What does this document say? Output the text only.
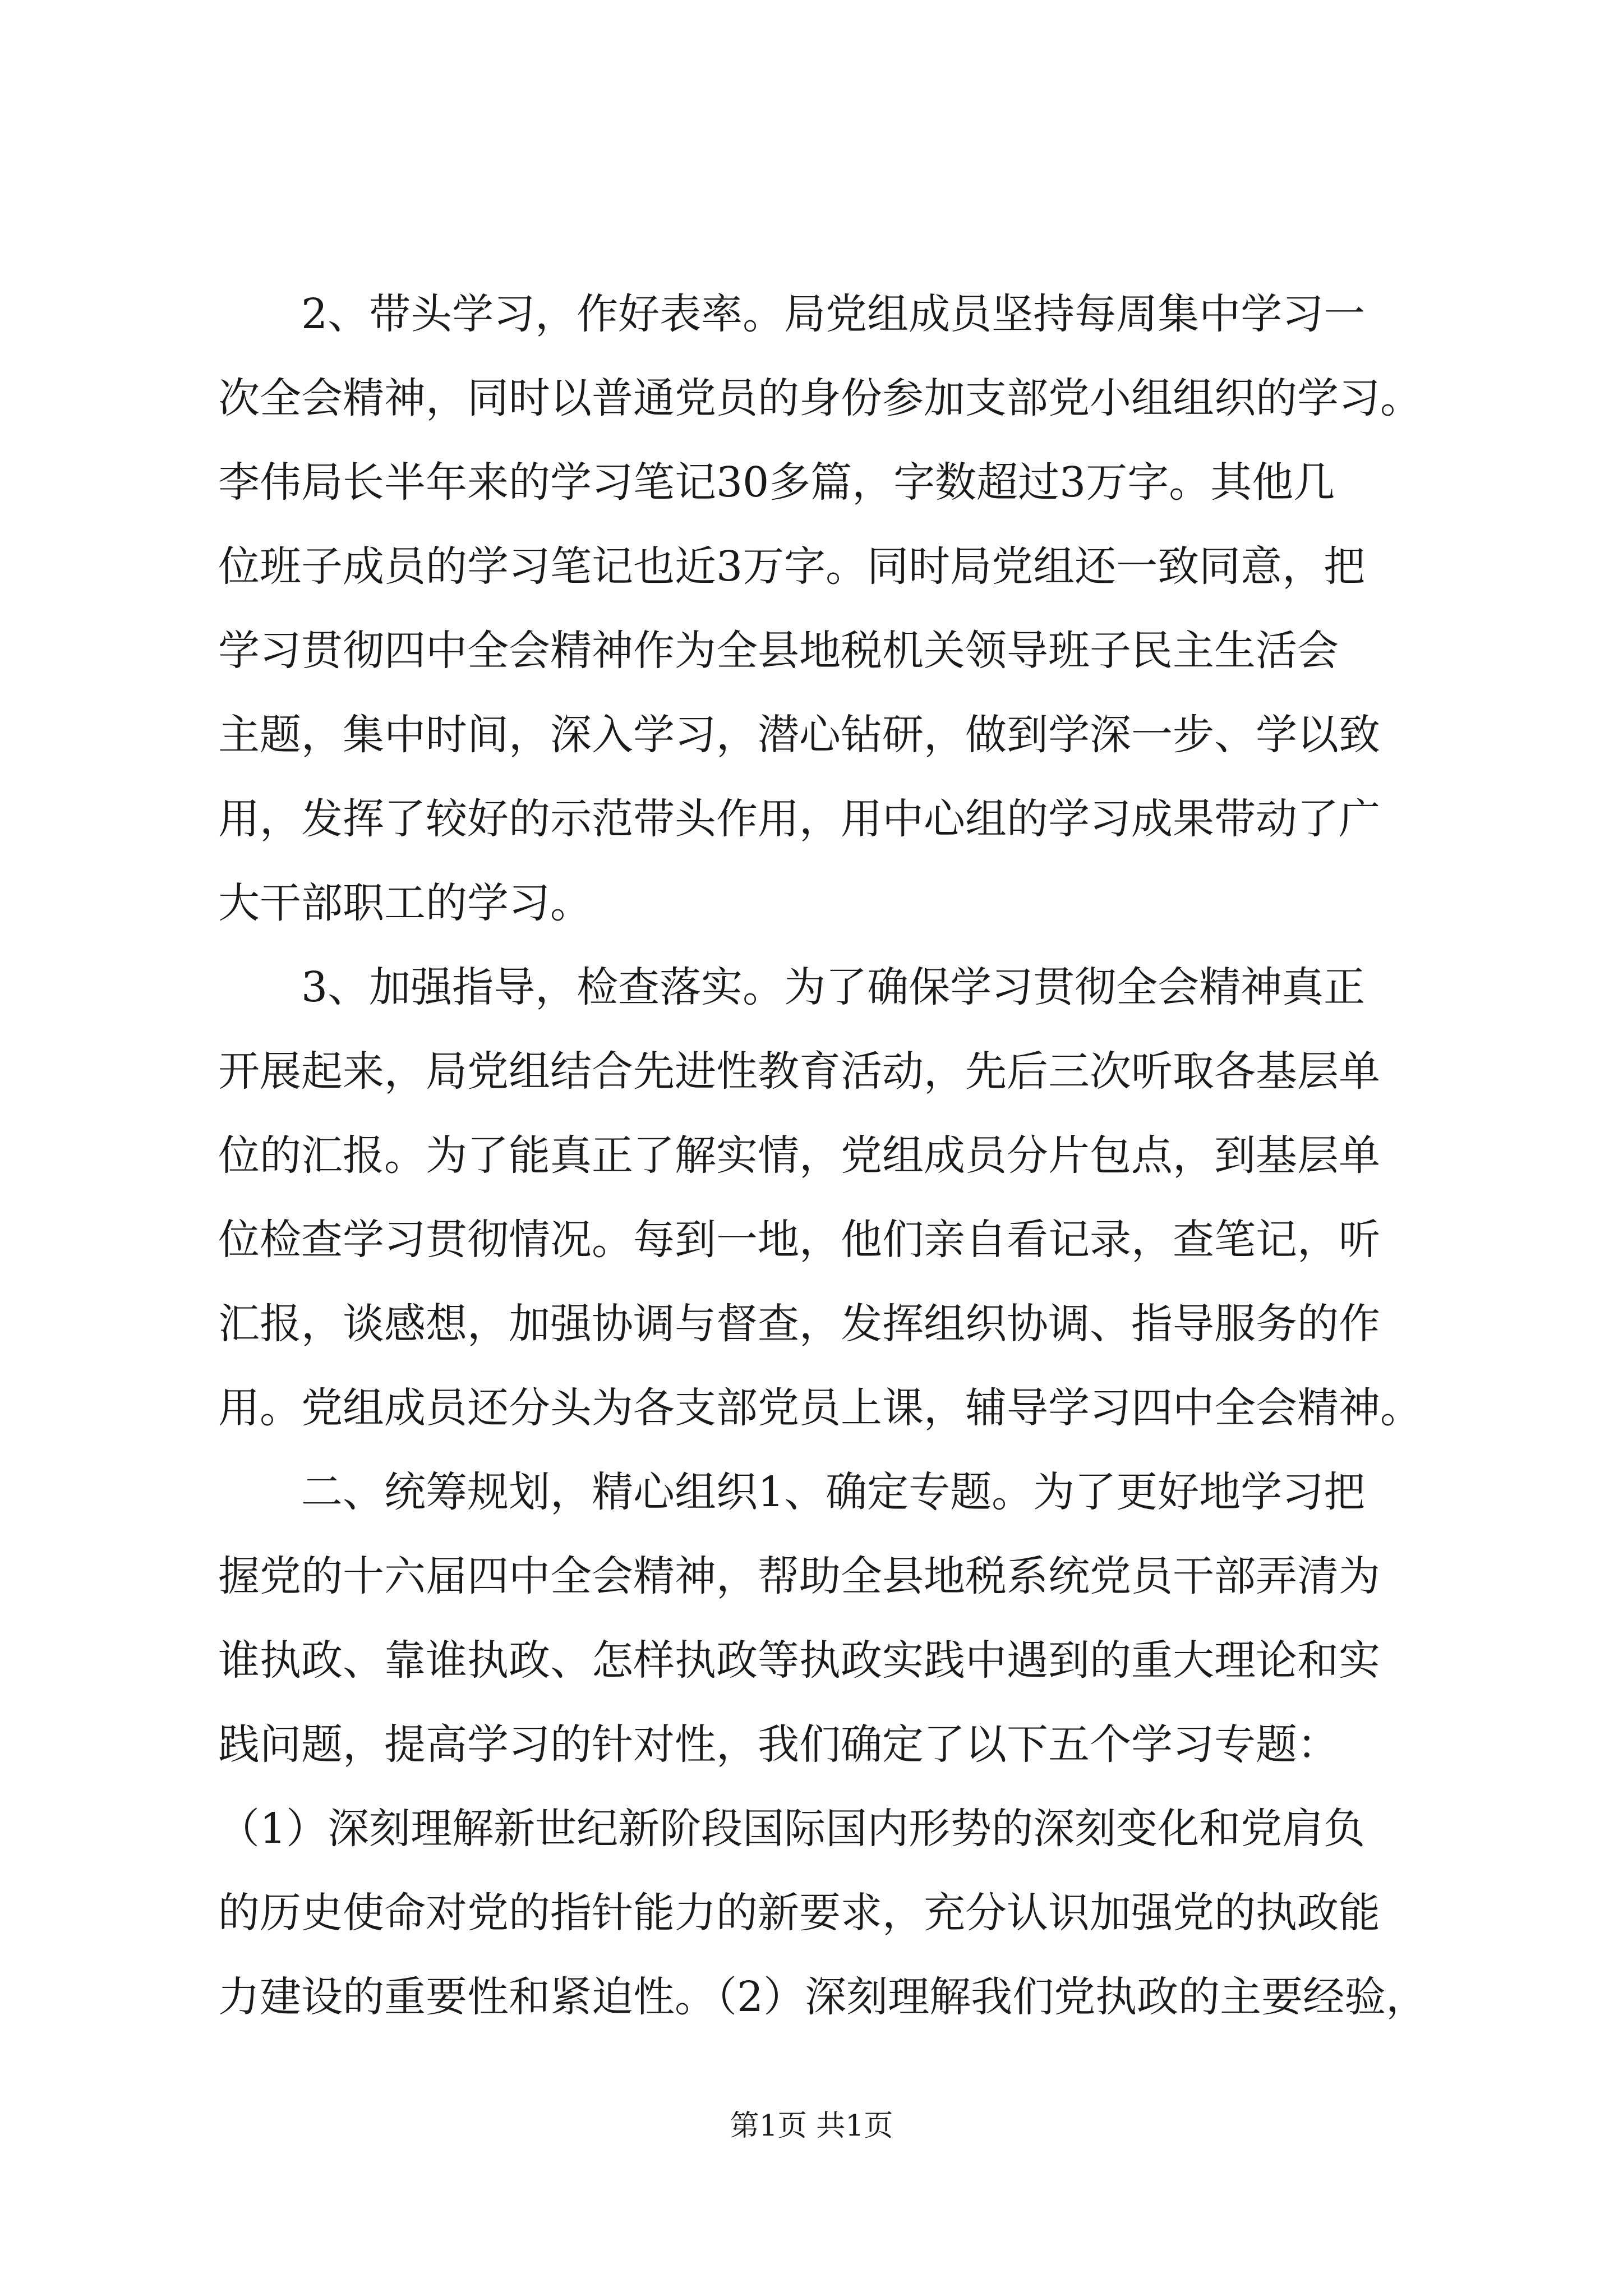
　　2、带头学习，作好表率。局党组成员坚持每周集中学习一
次全会精神，同时以普通党员的身份参加支部党小组组织的学习。
李伟局长半年来的学习笔记30多篇，字数超过3万字。其他几
位班子成员的学习笔记也近3万字。同时局党组还一致同意，把
学习贯彻四中全会精神作为全县地税机关领导班子民主生活会
主题，集中时间，深入学习，潜心钻研，做到学深一步、学以致
用，发挥了较好的示范带头作用，用中心组的学习成果带动了广
大干部职工的学习。
　　3、加强指导，检查落实。为了确保学习贯彻全会精神真正
开展起来，局党组结合先进性教育活动，先后三次听取各基层单
位的汇报。为了能真正了解实情，党组成员分片包点，到基层单
位检查学习贯彻情况。每到一地，他们亲自看记录，查笔记，听
汇报，谈感想，加强协调与督查，发挥组织协调、指导服务的作
用。党组成员还分头为各支部党员上课，辅导学习四中全会精神。
　　二、统筹规划，精心组织1、确定专题。为了更好地学习把
握党的十六届四中全会精神，帮助全县地税系统党员干部弄清为
谁执政、靠谁执政、怎样执政等执政实践中遇到的重大理论和实
践问题，提高学习的针对性，我们确定了以下五个学习专题：
（1）深刻理解新世纪新阶段国际国内形势的深刻变化和党肩负
的历史使命对党的指针能力的新要求，充分认识加强党的执政能
力建设的重要性和紧迫性。（2）深刻理解我们党执政的主要经验，
第1页 共1页
